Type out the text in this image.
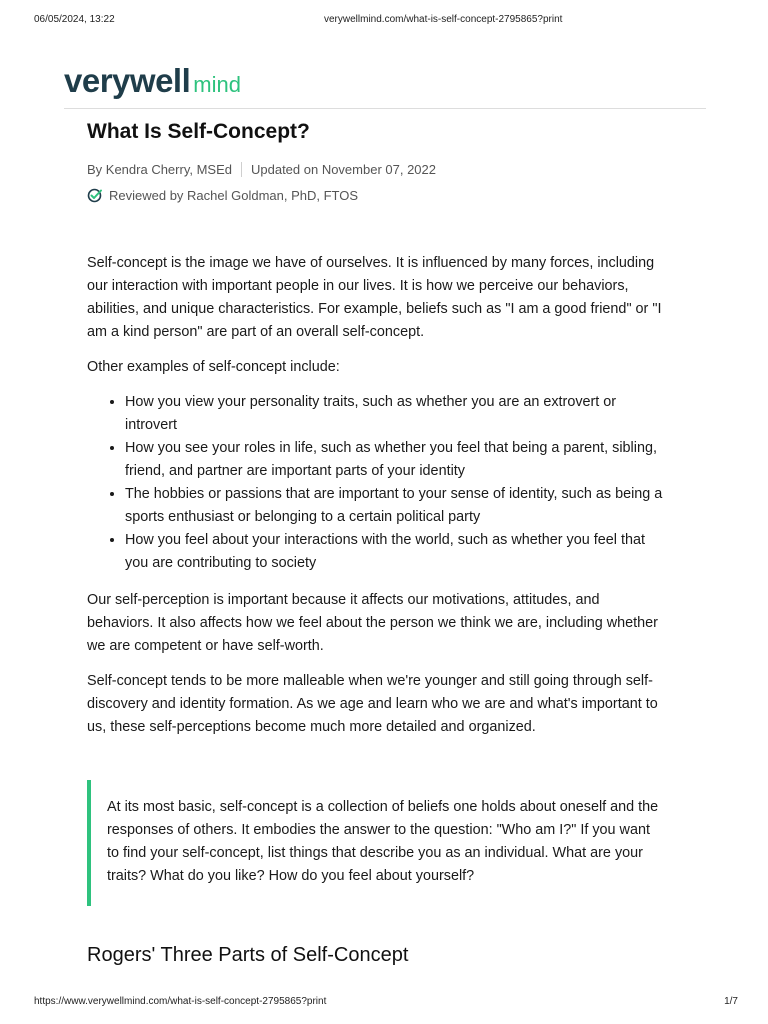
06/05/2024, 13:22	verywellmind.com/what-is-self-concept-2795865?print
verywell mind
What Is Self-Concept?
By Kendra Cherry, MSEd Updated on November 07, 2022
Reviewed by Rachel Goldman, PhD, FTOS

Self-concept is the image we have of ourselves. It is influenced by many forces, including our interaction with important people in our lives. It is how we perceive our behaviors, abilities, and unique characteristics. For example, beliefs such as "I am a good friend" or "I am a kind person" are part of an overall self-concept.

Other examples of self-concept include:

• How you view your personality traits, such as whether you are an extrovert or introvert
• How you see your roles in life, such as whether you feel that being a parent, sibling, friend, and partner are important parts of your identity
• The hobbies or passions that are important to your sense of identity, such as being a sports enthusiast or belonging to a certain political party
• How you feel about your interactions with the world, such as whether you feel that you are contributing to society

Our self-perception is important because it affects our motivations, attitudes, and behaviors. It also affects how we feel about the person we think we are, including whether we are competent or have self-worth.

Self-concept tends to be more malleable when we're younger and still going through self-discovery and identity formation. As we age and learn who we are and what's important to us, these self-perceptions become much more detailed and organized.

At its most basic, self-concept is a collection of beliefs one holds about oneself and the responses of others. It embodies the answer to the question: "Who am I?" If you want to find your self-concept, list things that describe you as an individual. What are your traits? What do you like? How do you feel about yourself?
Rogers' Three Parts of Self-Concept
https://www.verywellmind.com/what-is-self-concept-2795865?print	1/7
